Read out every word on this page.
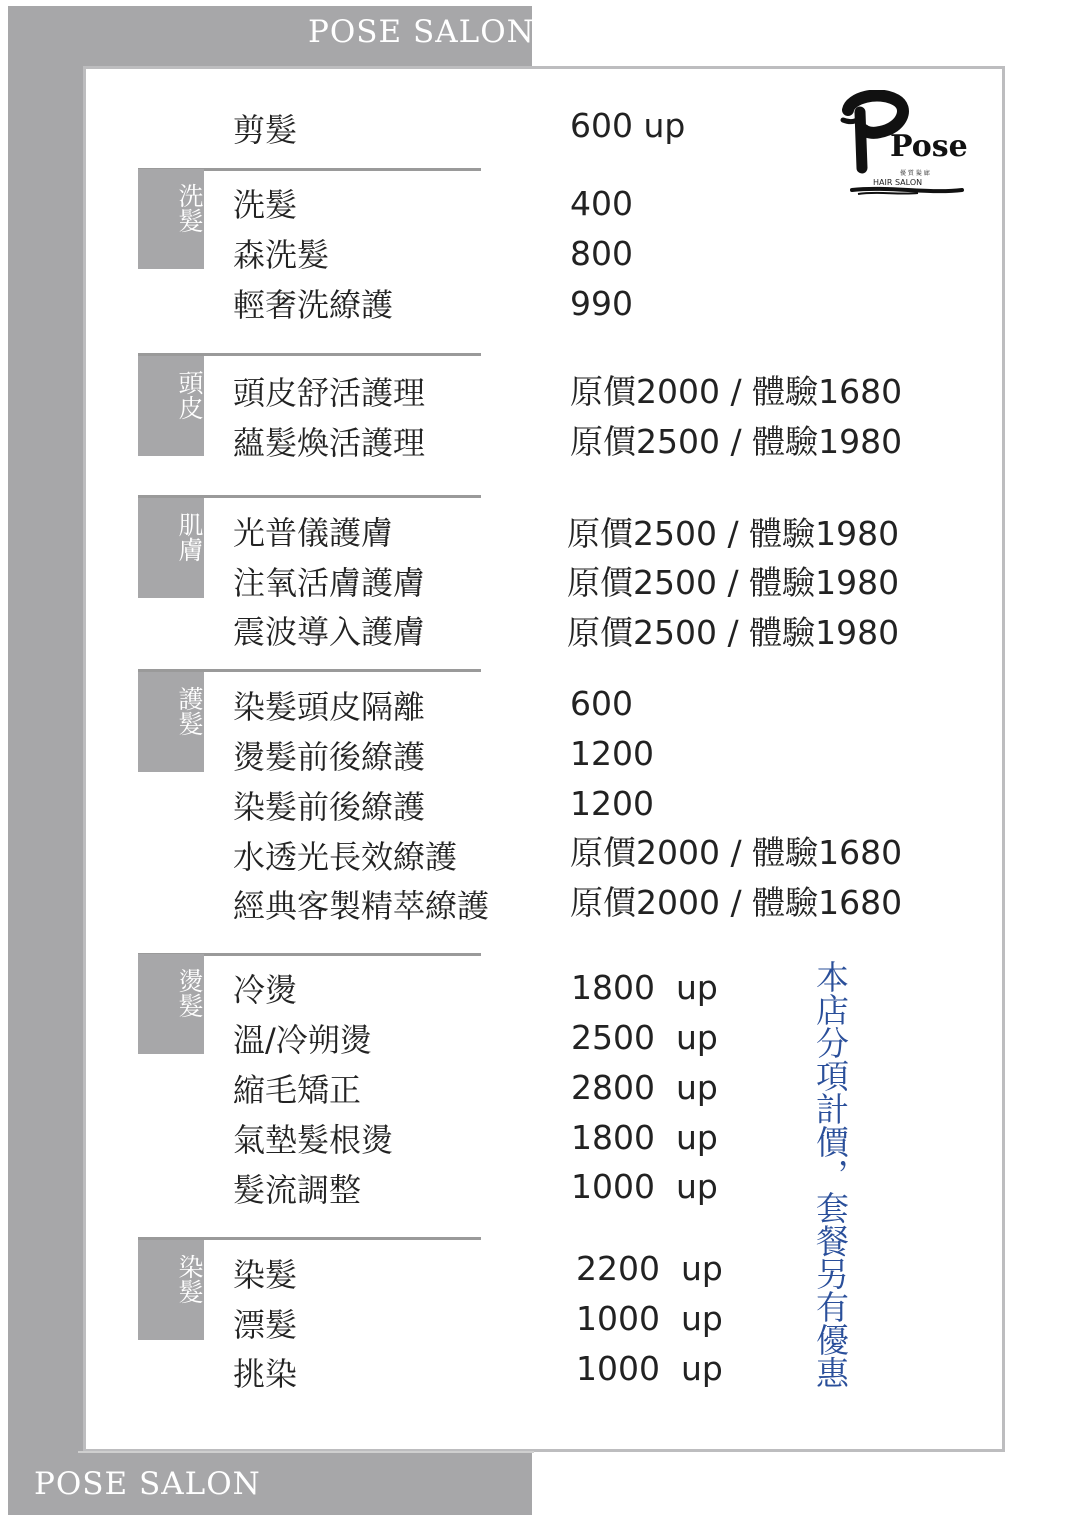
POSE SALON
POSE SALON
Pose
優 質 髮 廊
HAIR SALON
剪髮	600 up
洗髮 洗髮	400
森洗髮	800
輕奢洗繚護	990
頭皮 頭皮舒活護理	原價2000 / 體驗1680
蘊髮煥活護理	原價2500 / 體驗1980
肌膚 光普儀護膚	原價2500 / 體驗1980
注氧活膚護膚	原價2500 / 體驗1980
震波導入護膚	原價2500 / 體驗1980
護髮 染髮頭皮隔離	600
燙髮前後繚護	1200
染髮前後繚護	1200
水透光長效繚護	原價2000 / 體驗1680
經典客製精萃繚護 原價2000 / 體驗1680
燙髮 冷燙	1800  up
溫/冷朔燙	2500  up
縮毛矯正	2800  up
氣墊髮根燙	1800  up
髮流調整	1000  up
染髮 染髮	2200  up
漂髮	1000  up
挑染	1000  up	本店分項計價，套餐另有優惠
